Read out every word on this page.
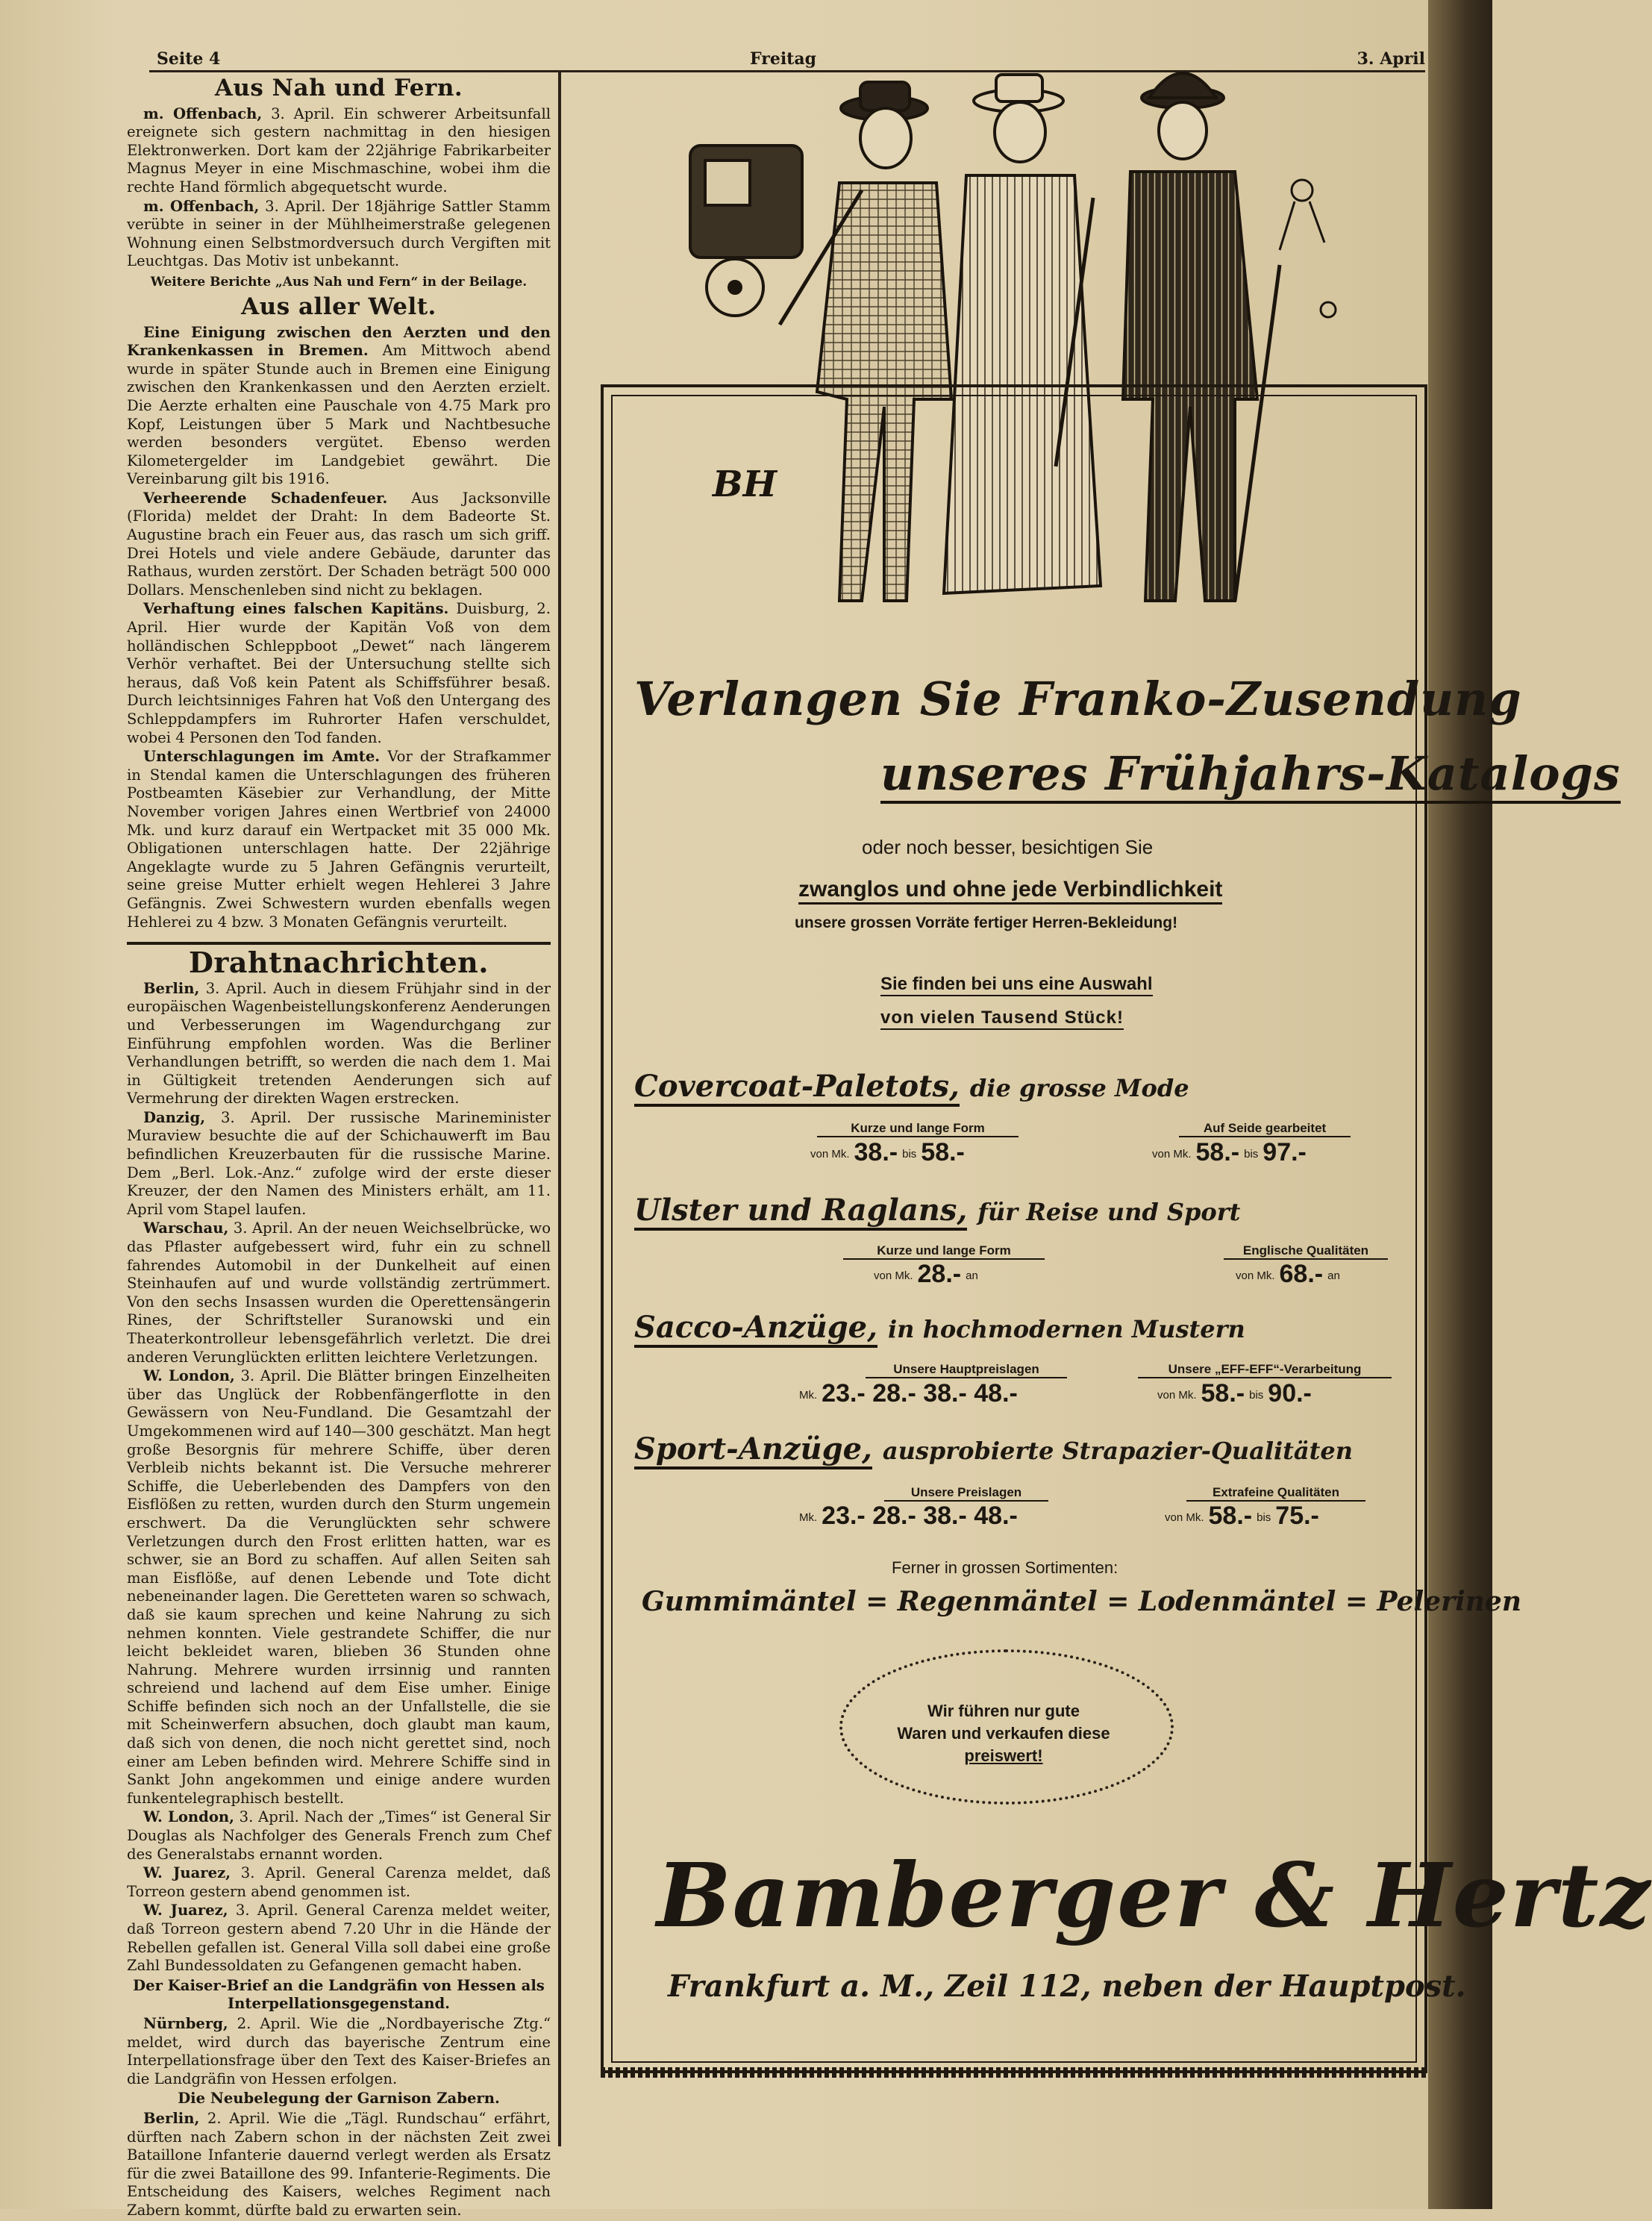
Seite 4	Freitag	3. April
Aus Nah und Fern.

m. Offenbach, 3. April. Ein schwerer Arbeitsunfall ereignete sich gestern nachmittag in den hiesigen Elektronwerken. Dort kam der 22jährige Fabrikarbeiter Magnus Meyer in eine Mischmaschine, wobei ihm die rechte Hand förmlich abgequetscht wurde.

m. Offenbach, 3. April. Der 18jährige Sattler Stamm verübte in seiner in der Mühlheimerstraße gelegenen Wohnung einen Selbstmordversuch durch Vergiften mit Leuchtgas. Das Motiv ist unbekannt.

Weitere Berichte „Aus Nah und Fern“ in der Beilage.
Aus aller Welt.

Eine Einigung zwischen den Aerzten und den Krankenkassen in Bremen. Am Mittwoch abend wurde in später Stunde auch in Bremen eine Einigung zwischen den Krankenkassen und den Aerzten erzielt. Die Aerzte erhalten eine Pauschale von 4.75 Mark pro Kopf, Leistungen über 5 Mark und Nachtbesuche werden besonders vergütet. Ebenso werden Kilometergelder im Landgebiet gewährt. Die Vereinbarung gilt bis 1916.

Verheerende Schadenfeuer. Aus Jacksonville (Florida) meldet der Draht: In dem Badeorte St. Augustine brach ein Feuer aus, das rasch um sich griff. Drei Hotels und viele andere Gebäude, darunter das Rathaus, wurden zerstört. Der Schaden beträgt 500 000 Dollars. Menschenleben sind nicht zu beklagen.

Verhaftung eines falschen Kapitäns. Duisburg, 2. April. Hier wurde der Kapitän Voß von dem holländischen Schleppboot „Dewet“ nach längerem Verhör verhaftet. Bei der Untersuchung stellte sich heraus, daß Voß kein Patent als Schiffsführer besaß. Durch leichtsinniges Fahren hat Voß den Untergang des Schleppdampfers im Ruhrorter Hafen verschuldet, wobei 4 Personen den Tod fanden.

Unterschlagungen im Amte. Vor der Strafkammer in Stendal kamen die Unterschlagungen des früheren Postbeamten Käsebier zur Verhandlung, der Mitte November vorigen Jahres einen Wertbrief von 24000 Mk. und kurz darauf ein Wertpacket mit 35 000 Mk. Obligationen unterschlagen hatte. Der 22jährige Angeklagte wurde zu 5 Jahren Gefängnis verurteilt, seine greise Mutter erhielt wegen Hehlerei 3 Jahre Gefängnis. Zwei Schwestern wurden ebenfalls wegen Hehlerei zu 4 bzw. 3 Monaten Gefängnis verurteilt.

Drahtnachrichten.

Berlin, 3. April. Auch in diesem Frühjahr sind in der europäischen Wagenbeistellungskonferenz Aenderungen und Verbesserungen im Wagendurchgang zur Einführung empfohlen worden. Was die Berliner Verhandlungen betrifft, so werden die nach dem 1. Mai in Gültigkeit tretenden Aenderungen sich auf Vermehrung der direkten Wagen erstrecken.

Danzig, 3. April. Der russische Marineminister Muraview besuchte die auf der Schichauwerft im Bau befindlichen Kreuzerbauten für die russische Marine. Dem „Berl. Lok.-Anz.“ zufolge wird der erste dieser Kreuzer, der den Namen des Ministers erhält, am 11. April vom Stapel laufen.

Warschau, 3. April. An der neuen Weichselbrücke, wo das Pflaster aufgebessert wird, fuhr ein zu schnell fahrendes Automobil in der Dunkelheit auf einen Steinhaufen auf und wurde vollständig zertrümmert. Von den sechs Insassen wurden die Operettensängerin Rines, der Schriftsteller Suranowski und ein Theaterkontrolleur lebensgefährlich verletzt. Die drei anderen Verunglückten erlitten leichtere Verletzungen.

W. London, 3. April. Die Blätter bringen Einzelheiten über das Unglück der Robbenfängerflotte in den Gewässern von Neu-Fundland. Die Gesamtzahl der Umgekommenen wird auf 140—300 geschätzt. Man hegt große Besorgnis für mehrere Schiffe, über deren Verbleib nichts bekannt ist. Die Versuche mehrerer Schiffe, die Ueberlebenden des Dampfers von den Eisflößen zu retten, wurden durch den Sturm ungemein erschwert. Da die Verunglückten sehr schwere Verletzungen durch den Frost erlitten hatten, war es schwer, sie an Bord zu schaffen. Auf allen Seiten sah man Eisflöße, auf denen Lebende und Tote dicht nebeneinander lagen. Die Geretteten waren so schwach, daß sie kaum sprechen und keine Nahrung zu sich nehmen konnten. Viele gestrandete Schiffer, die nur leicht bekleidet waren, blieben 36 Stunden ohne Nahrung. Mehrere wurden irrsinnig und rannten schreiend und lachend auf dem Eise umher. Einige Schiffe befinden sich noch an der Unfallstelle, die sie mit Scheinwerfern absuchen, doch glaubt man kaum, daß sich von denen, die noch nicht gerettet sind, noch einer am Leben befinden wird. Mehrere Schiffe sind in Sankt John angekommen und einige andere wurden funkentelegraphisch bestellt.

W. London, 3. April. Nach der „Times“ ist General Sir Douglas als Nachfolger des Generals French zum Chef des Generalstabs ernannt worden.

W. Juarez, 3. April. General Carenza meldet, daß Torreon gestern abend genommen ist.

W. Juarez, 3. April. General Carenza meldet weiter, daß Torreon gestern abend 7.20 Uhr in die Hände der Rebellen gefallen ist. General Villa soll dabei eine große Zahl Bundessoldaten zu Gefangenen gemacht haben.

Der Kaiser-Brief an die Landgräfin von Hessen als Interpellationsgegenstand.

Nürnberg, 2. April. Wie die „Nordbayerische Ztg.“ meldet, wird durch das bayerische Zentrum eine Interpellationsfrage über den Text des Kaiser-Briefes an die Landgräfin von Hessen erfolgen.

Die Neubelegung der Garnison Zabern.

Berlin, 2. April. Wie die „Tägl. Rundschau“ erfährt, dürften nach Zabern schon in der nächsten Zeit zwei Bataillone Infanterie dauernd verlegt werden als Ersatz für die zwei Bataillone des 99. Infanterie-Regiments. Die Entscheidung des Kaisers, welches Regiment nach Zabern kommt, dürfte bald zu erwarten sein.

BH
Verlangen Sie Franko-Zusendung
unseres Frühjahrs-Katalogs
oder noch besser, besichtigen Sie
zwanglos und ohne jede Verbindlichkeit
unsere grossen Vorräte fertiger Herren-Bekleidung!
Sie finden bei uns eine Auswahl
von vielen Tausend Stück!
Covercoat-Paletots, die grosse Mode
Kurze und lange Form
von Mk. 38.- bis 58.-
Auf Seide gearbeitet
von Mk. 58.- bis 97.-
Ulster und Raglans, für Reise und Sport
Kurze und lange Form
von Mk. 28.- an
Englische Qualitäten
von Mk. 68.- an
Sacco-Anzüge, in hochmodernen Mustern
Unsere Hauptpreislagen
Mk. 23.- 28.- 38.- 48.-
Unsere „EFF-EFF“-Verarbeitung
von Mk. 58.- bis 90.-
Sport-Anzüge, ausprobierte Strapazier-Qualitäten
Unsere Preislagen
Mk. 23.- 28.- 38.- 48.-
Extrafeine Qualitäten
von Mk. 58.- bis 75.-
Ferner in grossen Sortimenten:
Gummimäntel = Regenmäntel = Lodenmäntel = Pelerinen
Wir führen nur gute
Waren und verkaufen diese
preiswert!
Bamberger & Hertz
Frankfurt a. M., Zeil 112, neben der Hauptpost.
